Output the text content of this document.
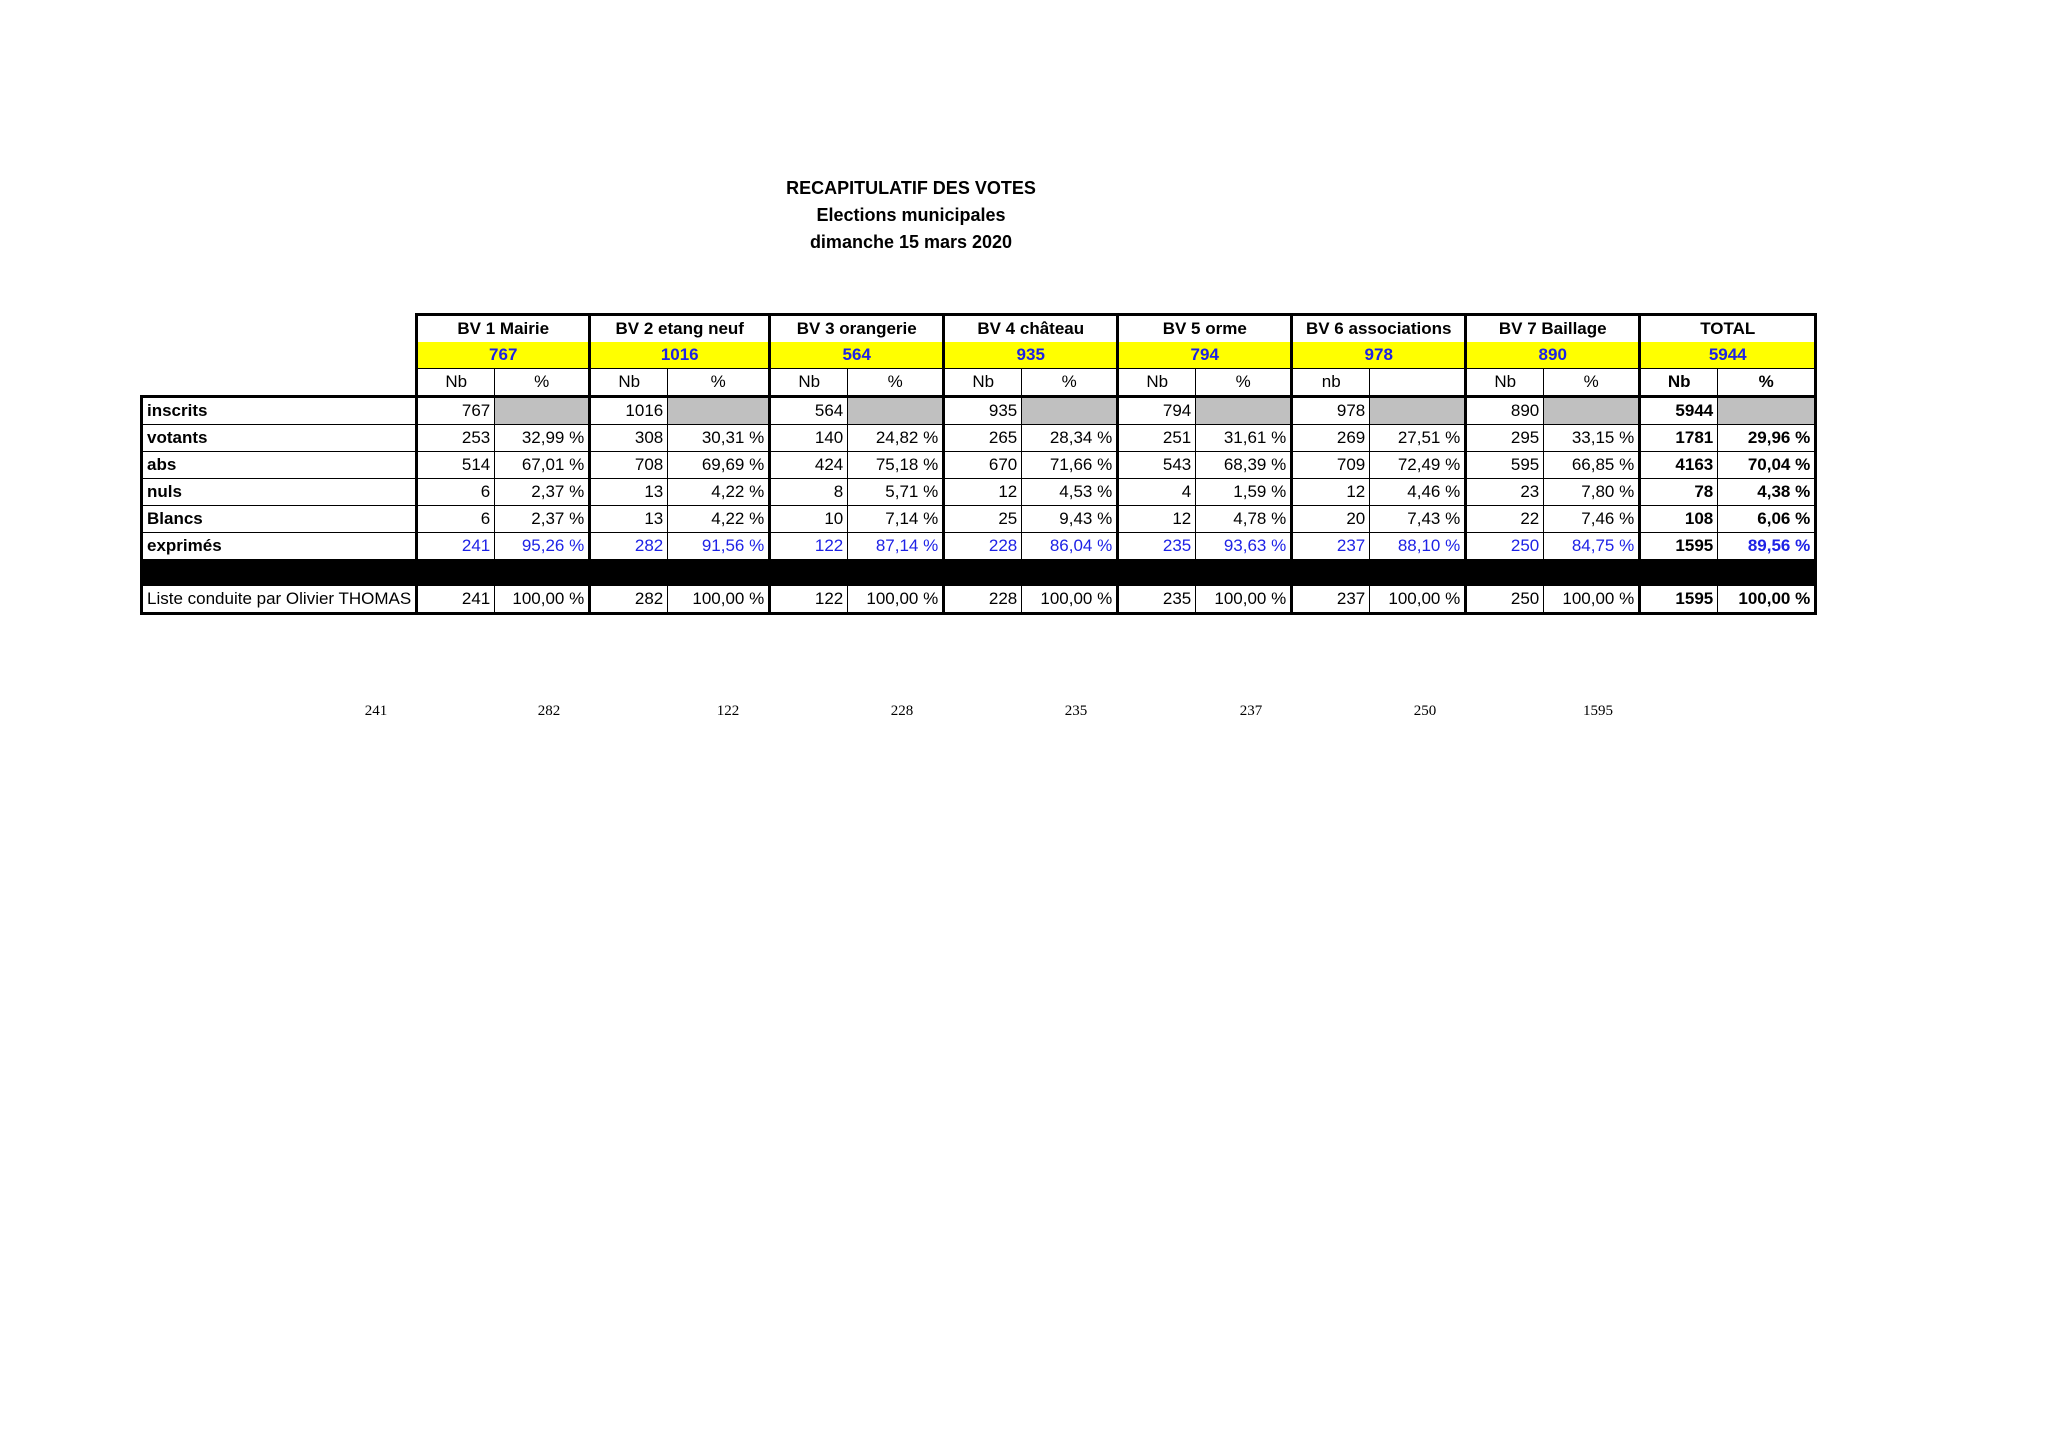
RECAPITULATIF DES VOTES
Elections municipales
dimanche 15 mars 2020
	BV 1 Mairie		BV 2 etang neuf		BV 3 orangerie		BV 4 château		BV 5 orme		BV 6 associations		BV 7 Baillage		TOTAL	
	767		1016		564		935		794		978		890		5944	
	Nb	%	Nb	%	Nb	%	Nb	%	Nb	%	nb		Nb	%	Nb	%
inscrits	767		1016		564		935		794		978		890		5944	
votants	253	32,99 %	308	30,31 %	140	24,82 %	265	28,34 %	251	31,61 %	269	27,51 %	295	33,15 %	1781	29,96 %
abs	514	67,01 %	708	69,69 %	424	75,18 %	670	71,66 %	543	68,39 %	709	72,49 %	595	66,85 %	4163	70,04 %
nuls	6	2,37 %	13	4,22 %	8	5,71 %	12	4,53 %	4	1,59 %	12	4,46 %	23	7,80 %	78	4,38 %
Blancs	6	2,37 %	13	4,22 %	10	7,14 %	25	9,43 %	12	4,78 %	20	7,43 %	22	7,46 %	108	6,06 %
exprimés	241	95,26 %	282	91,56 %	122	87,14 %	228	86,04 %	235	93,63 %	237	88,10 %	250	84,75 %	1595	89,56 %

Liste conduite par Olivier THOMAS	241	100,00 %	282	100,00 %	122	100,00 %	228	100,00 %	235	100,00 %	237	100,00 %	250	100,00 %	1595	100,00 %
241	282	122	228	235	237	250	1595
